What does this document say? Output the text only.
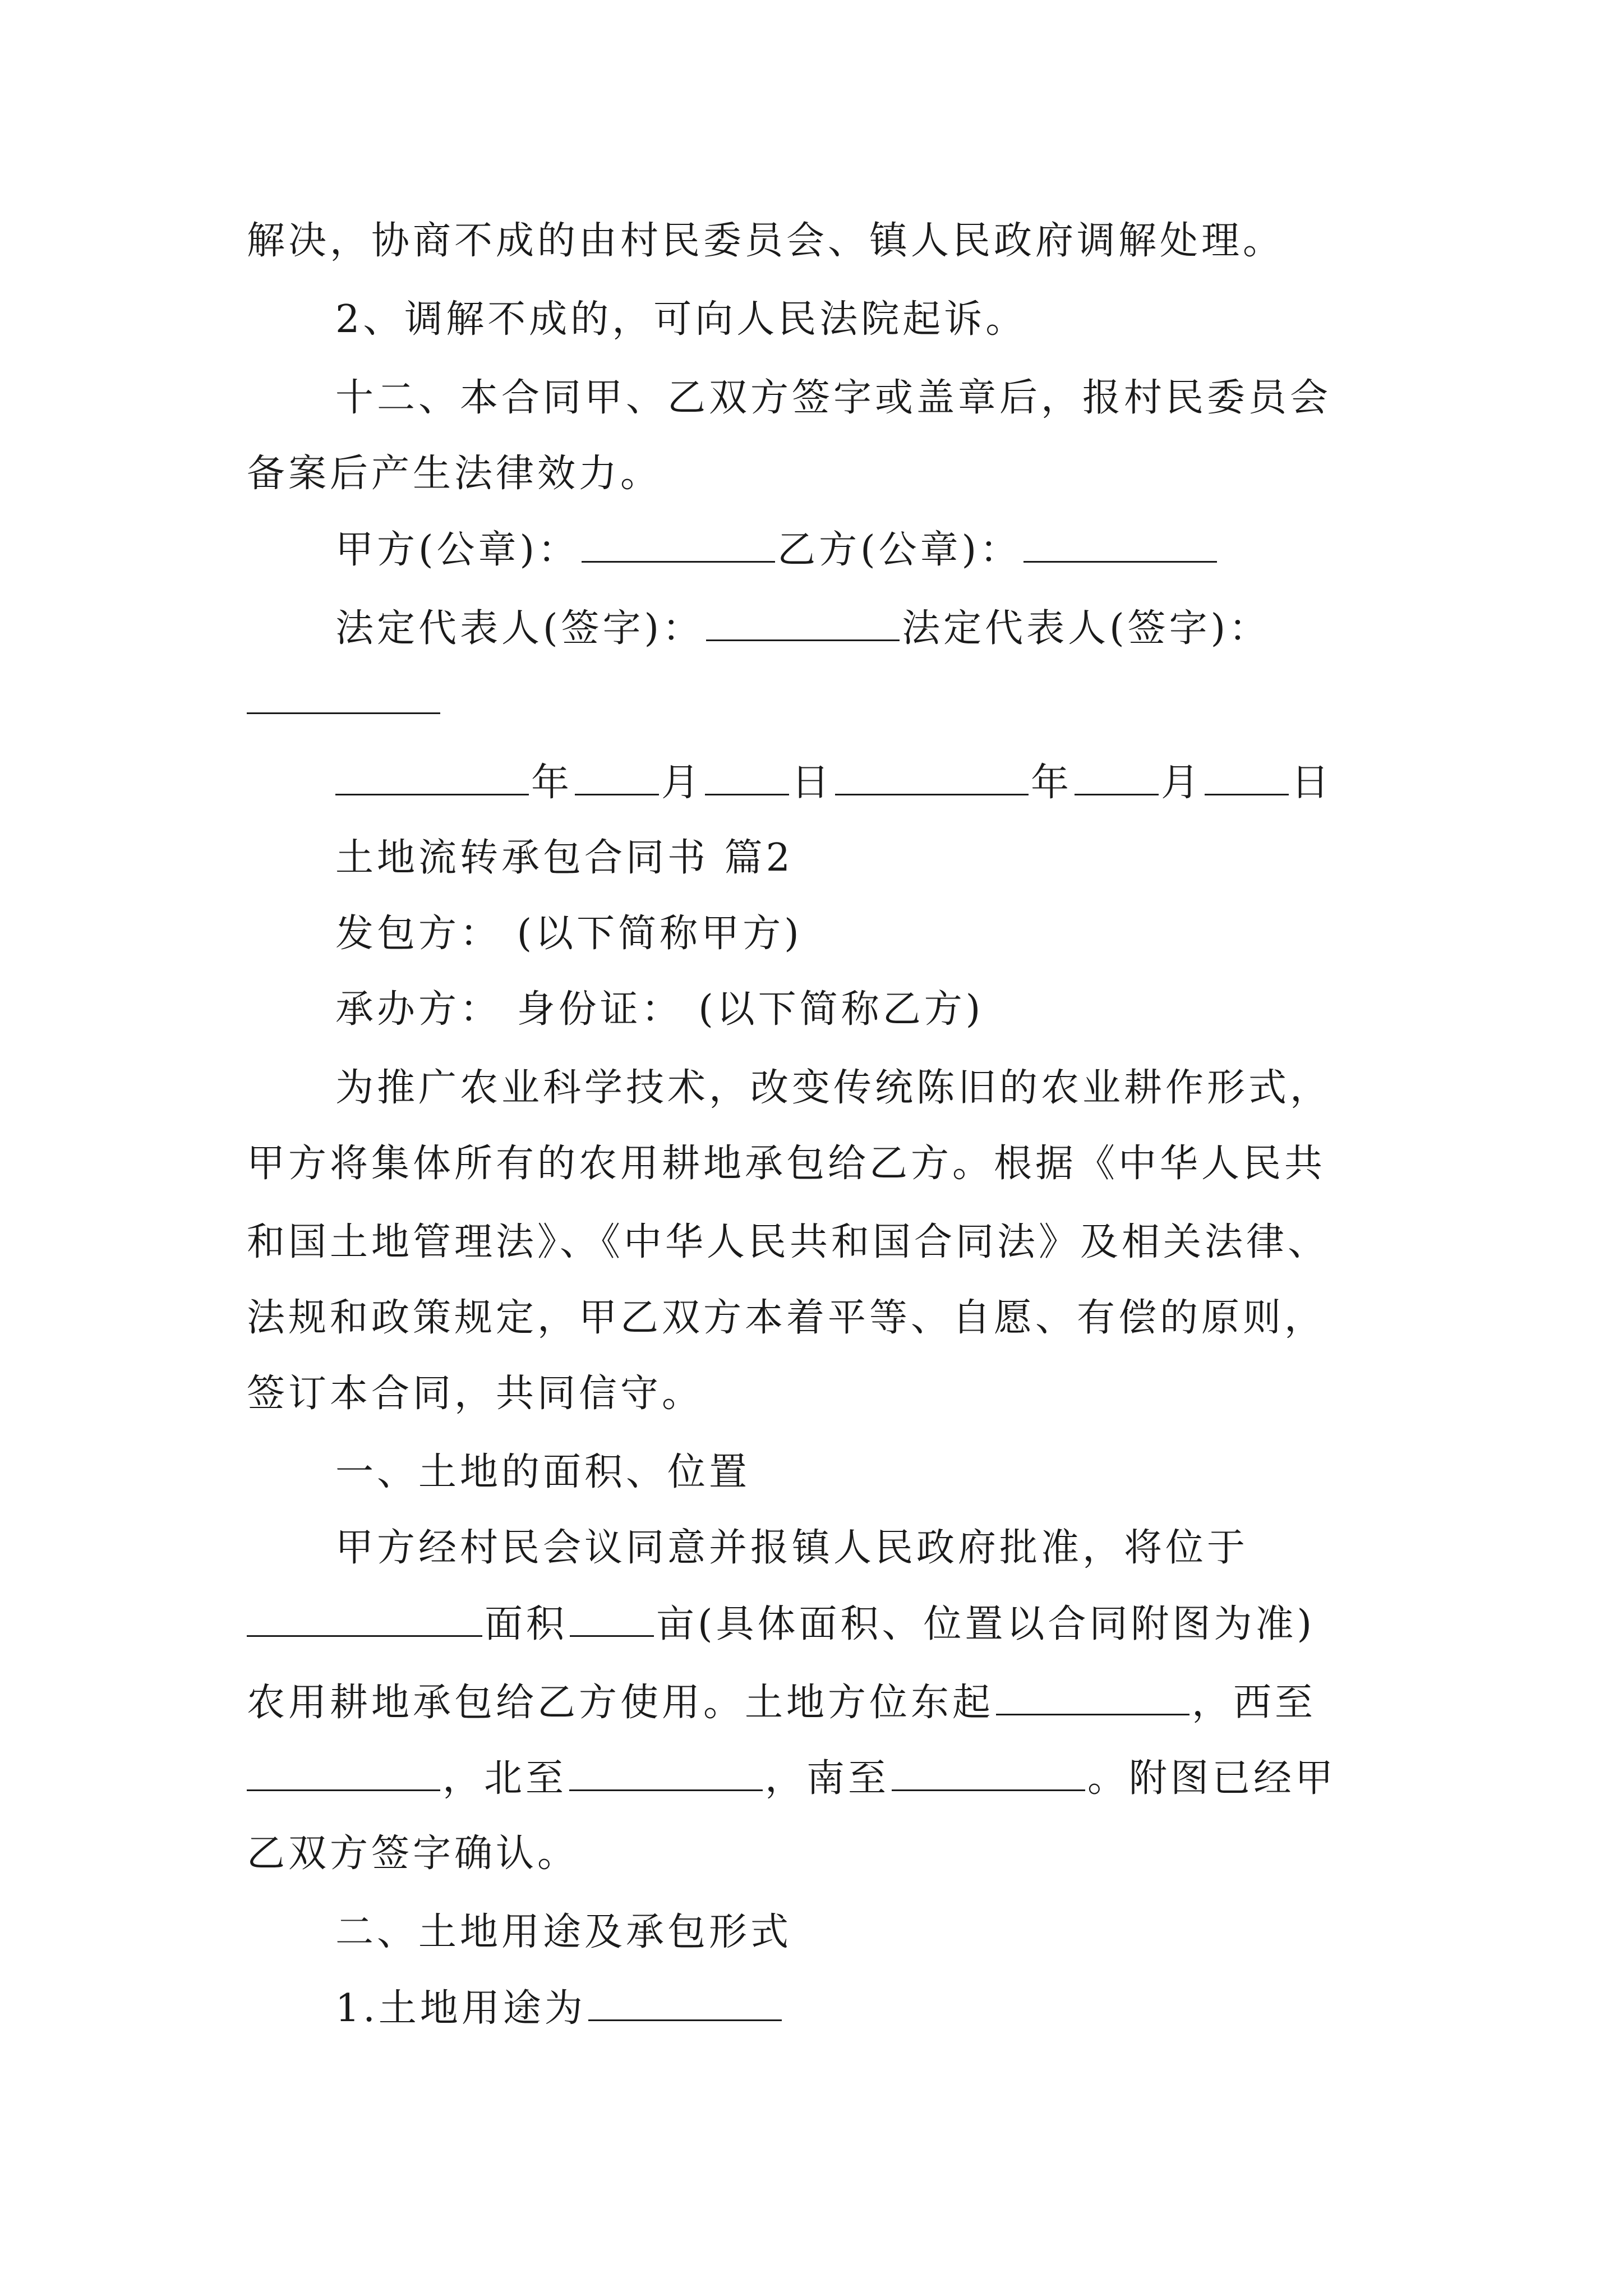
解决，协商不成的由村民委员会、镇人民政府调解处理。
2、调解不成的，可向人民法院起诉。
十二、本合同甲、乙双方签字或盖章后，报村民委员会
备案后产生法律效力。
甲方(公章)：	乙方(公章)：
法定代表人(签字)：	法定代表人(签字)：
年 月 日	年 月 日
土地流转承包合同书 篇2
发包方： (以下简称甲方)
承办方： 身份证： (以下简称乙方)
为推广农业科学技术，改变传统陈旧的农业耕作形式，
甲方将集体所有的农用耕地承包给乙方。根据《中华人民共
和国土地管理法》、《中华人民共和国合同法》及相关法律、
法规和政策规定，甲乙双方本着平等、自愿、有偿的原则，
签订本合同，共同信守。
一、土地的面积、位置
甲方经村民会议同意并报镇人民政府批准，将位于
面积 亩(具体面积、位置以合同附图为准)
农用耕地承包给乙方使用。土地方位东起	，西至
，北至	，南至	。附图已经甲
乙双方签字确认。
二、土地用途及承包形式
1.土地用途为
